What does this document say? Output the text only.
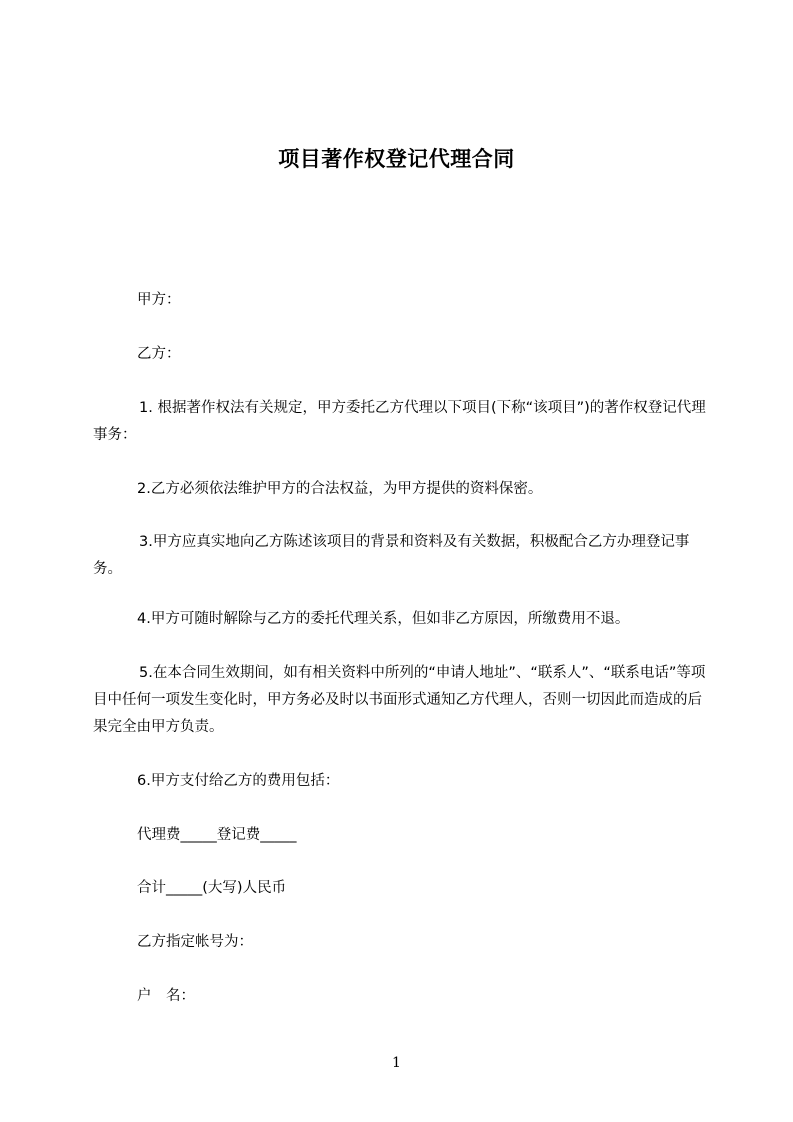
项目著作权登记代理合同
甲方：
乙方：
1. 根据著作权法有关规定，甲方委托乙方代理以下项目(下称“该项目”)的著作权登记代理事务：
2.乙方必须依法维护甲方的合法权益，为甲方提供的资料保密。
3.甲方应真实地向乙方陈述该项目的背景和资料及有关数据，积极配合乙方办理登记事务。
4.甲方可随时解除与乙方的委托代理关系，但如非乙方原因，所缴费用不退。
5.在本合同生效期间，如有相关资料中所列的“申请人地址”、“联系人”、“联系电话”等项目中任何一项发生变化时，甲方务必及时以书面形式通知乙方代理人，否则一切因此而造成的后果完全由甲方负责。
6.甲方支付给乙方的费用包括：
代理费_____登记费_____
合计_____(大写)人民币
乙方指定帐号为：
户　名：
1
